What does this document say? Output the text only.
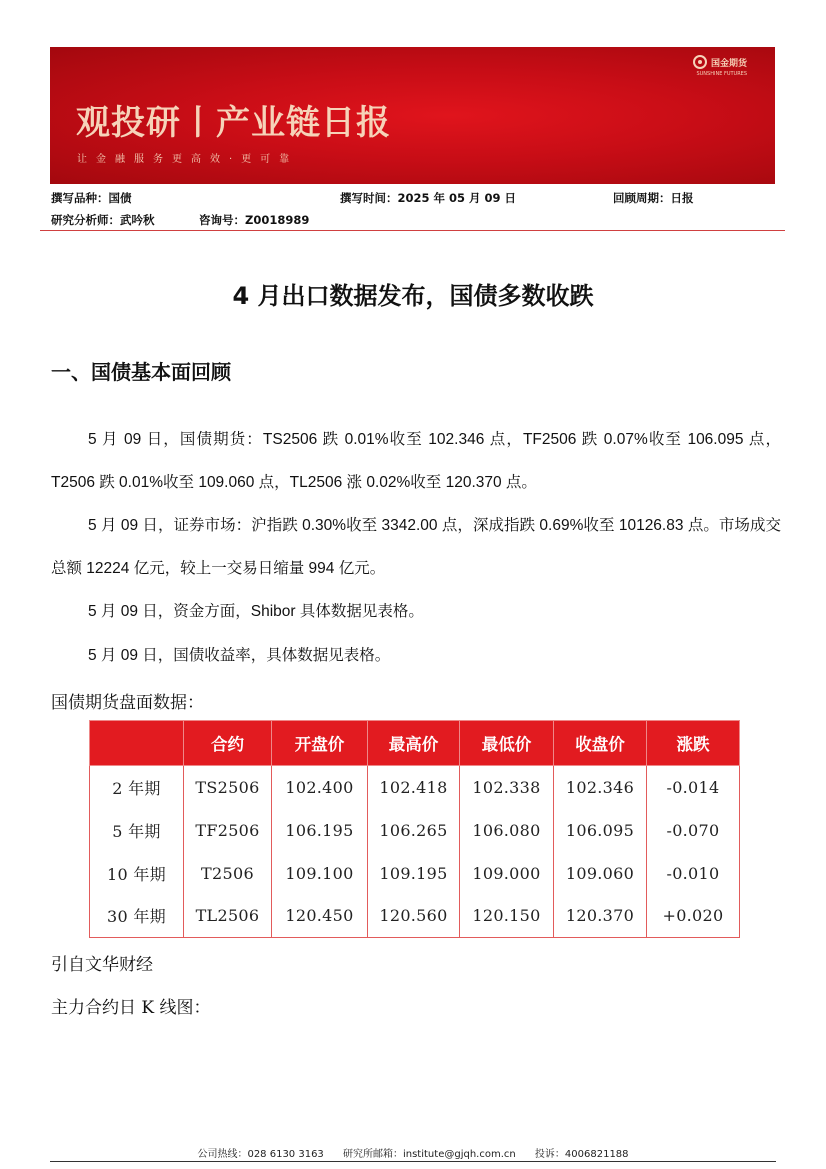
观投研丨产业链日报
让金融服务更高效·更可靠
国金期货
SUNSHINE FUTURES
撰写品种：国债	撰写时间：2025 年 05 月 09 日	回顾周期：日报
研究分析师：武吟秋	咨询号：Z0018989
4 月出口数据发布，国债多数收跌
一、国债基本面回顾
5 月 09 日，国债期货：TS2506 跌 0.01%收至 102.346 点，TF2506 跌 0.07%收至 106.095 点，T2506 跌 0.01%收至 109.060 点，TL2506 涨 0.02%收至 120.370 点。
5 月 09 日，证券市场：沪指跌 0.30%收至 3342.00 点，深成指跌 0.69%收至 10126.83 点。市场成交总额 12224 亿元，较上一交易日缩量 994 亿元。
5 月 09 日，资金方面，Shibor 具体数据见表格。
5 月 09 日，国债收益率，具体数据见表格。
国债期货盘面数据：
	合约	开盘价	最高价	最低价	收盘价	涨跌
2 年期	TS2506	102.400	102.418	102.338	102.346	-0.014
5 年期	TF2506	106.195	106.265	106.080	106.095	-0.070
10 年期	T2506	109.100	109.195	109.000	109.060	-0.010
30 年期	TL2506	120.450	120.560	120.150	120.370	+0.020
引自文华财经
主力合约日 K 线图：
公司热线：028 6130 3163 研究所邮箱：institute@gjqh.com.cn 投诉：4006821188
